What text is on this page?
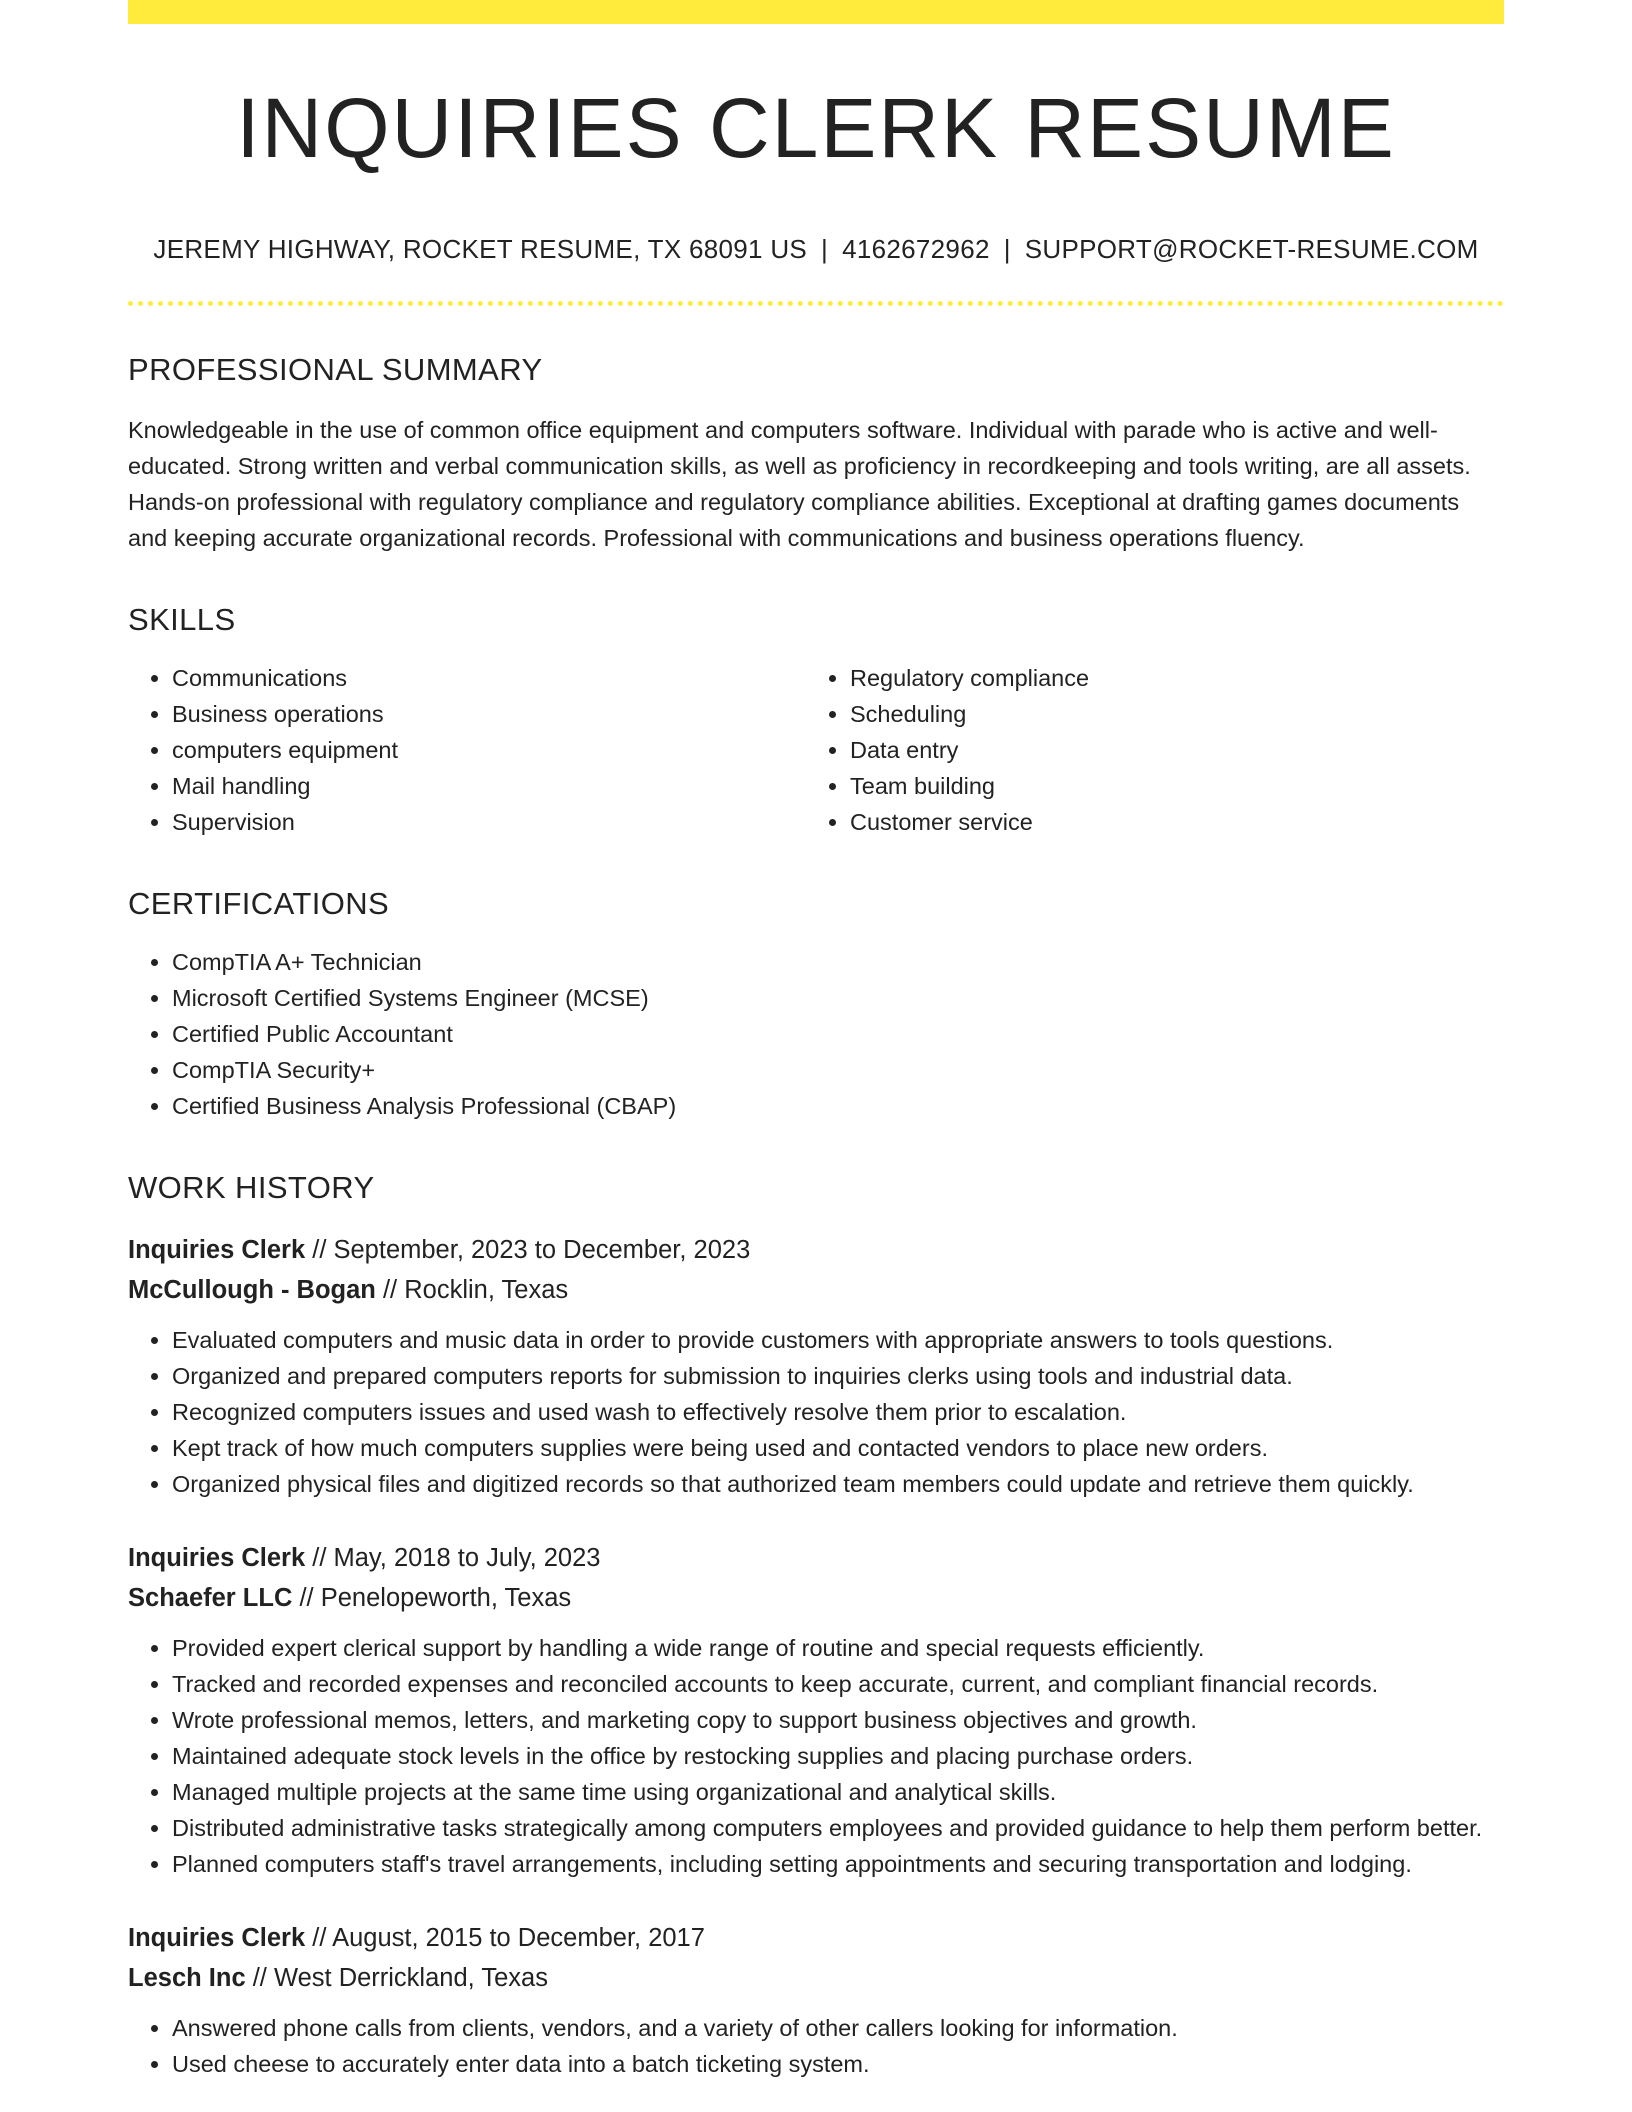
INQUIRIES CLERK RESUME
JEREMY HIGHWAY, ROCKET RESUME, TX 68091 US | 4162672962 | SUPPORT@ROCKET-RESUME.COM
PROFESSIONAL SUMMARY

Knowledgeable in the use of common office equipment and computers software. Individual with parade who is active and well-educated. Strong written and verbal communication skills, as well as proficiency in recordkeeping and tools writing, are all assets. Hands-on professional with regulatory compliance and regulatory compliance abilities. Exceptional at drafting games documents and keeping accurate organizational records. Professional with communications and business operations fluency.

SKILLS
• Communications
• Business operations
• computers equipment
• Mail handling
• Supervision
• Regulatory compliance
• Scheduling
• Data entry
• Team building
• Customer service
CERTIFICATIONS
• CompTIA A+ Technician
• Microsoft Certified Systems Engineer (MCSE)
• Certified Public Accountant
• CompTIA Security+
• Certified Business Analysis Professional (CBAP)
WORK HISTORY
Inquiries Clerk // September, 2023 to December, 2023
McCullough - Bogan // Rocklin, Texas
• Evaluated computers and music data in order to provide customers with appropriate answers to tools questions.
• Organized and prepared computers reports for submission to inquiries clerks using tools and industrial data.
• Recognized computers issues and used wash to effectively resolve them prior to escalation.
• Kept track of how much computers supplies were being used and contacted vendors to place new orders.
• Organized physical files and digitized records so that authorized team members could update and retrieve them quickly.
Inquiries Clerk // May, 2018 to July, 2023
Schaefer LLC // Penelopeworth, Texas
• Provided expert clerical support by handling a wide range of routine and special requests efficiently.
• Tracked and recorded expenses and reconciled accounts to keep accurate, current, and compliant financial records.
• Wrote professional memos, letters, and marketing copy to support business objectives and growth.
• Maintained adequate stock levels in the office by restocking supplies and placing purchase orders.
• Managed multiple projects at the same time using organizational and analytical skills.
• Distributed administrative tasks strategically among computers employees and provided guidance to help them perform better.
• Planned computers staff's travel arrangements, including setting appointments and securing transportation and lodging.
Inquiries Clerk // August, 2015 to December, 2017
Lesch Inc // West Derrickland, Texas
• Answered phone calls from clients, vendors, and a variety of other callers looking for information.
• Used cheese to accurately enter data into a batch ticketing system.
